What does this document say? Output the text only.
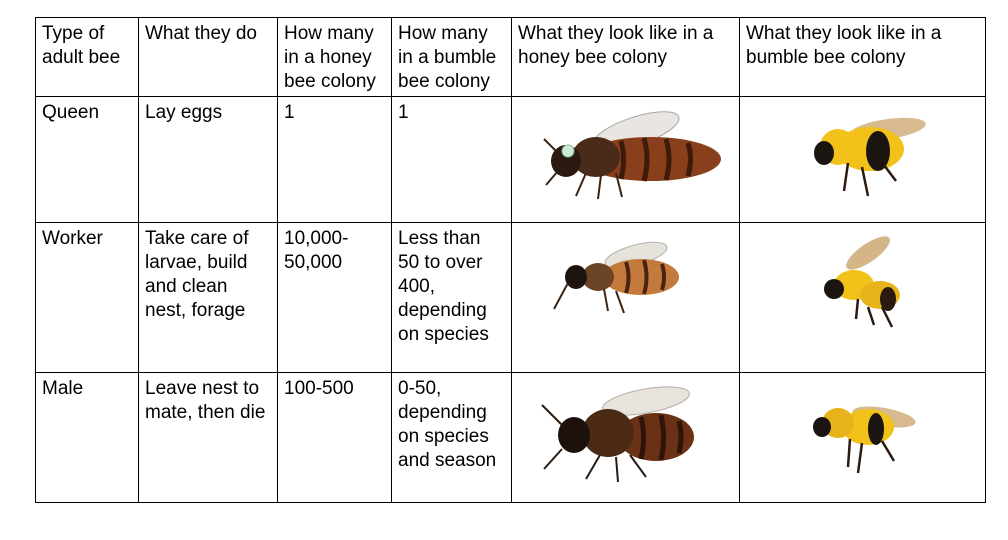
Type of adult bee	What they do	How many in a honey bee colony	How many in a bumble bee colony	What they look like in a honey bee colony	What they look like in a bumble bee colony
Queen	Lay eggs	1	1	

Worker	Take care of larvae, build and clean nest, forage	10,000-50,000	Less than 50 to over 400, depending on species	

Male	Leave nest to mate, then die	100-500	0-50, depending on species and season	
